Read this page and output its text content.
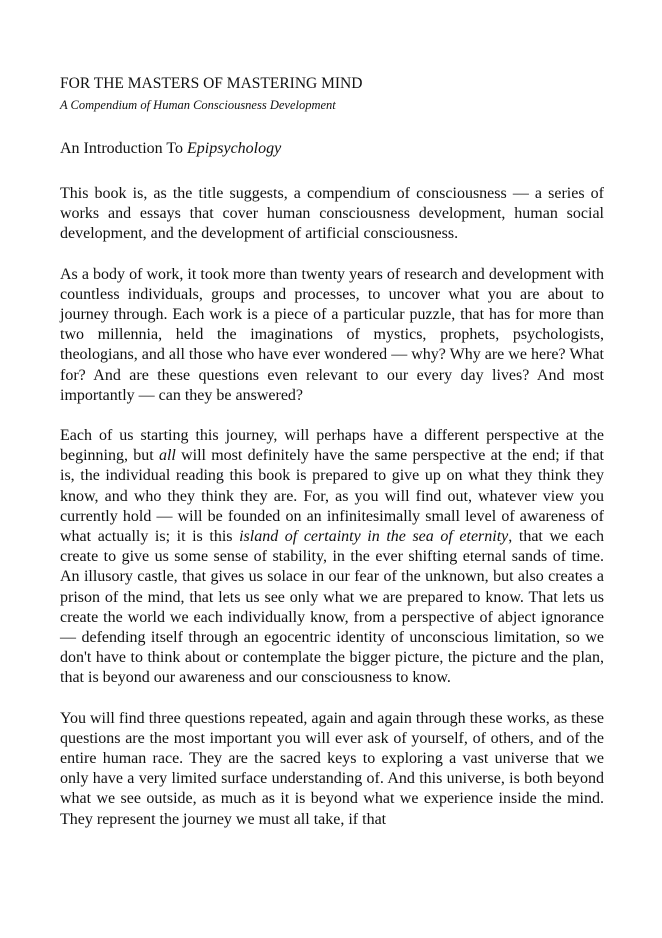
FOR THE MASTERS OF MASTERING MIND

A Compendium of Human Consciousness Development

An Introduction To Epipsychology

This book is, as the title suggests, a compendium of consciousness — a series of works and essays that cover human consciousness development, human social development, and the development of artificial consciousness.

As a body of work, it took more than twenty years of research and development with countless individuals, groups and processes, to uncover what you are about to journey through. Each work is a piece of a particular puzzle, that has for more than two millennia, held the imaginations of mystics, prophets, psychologists, theologians, and all those who have ever wondered — why? Why are we here? What for? And are these questions even relevant to our every day lives? And most importantly — can they be answered?

Each of us starting this journey, will perhaps have a different perspective at the beginning, but all will most definitely have the same perspective at the end; if that is, the individual reading this book is prepared to give up on what they think they know, and who they think they are. For, as you will find out, whatever view you currently hold — will be founded on an infinitesimally small level of awareness of what actually is; it is this island of certainty in the sea of eternity, that we each create to give us some sense of stability, in the ever shifting eternal sands of time. An illusory castle, that gives us solace in our fear of the unknown, but also creates a prison of the mind, that lets us see only what we are prepared to know. That lets us create the world we each individually know, from a perspective of abject ignorance — defending itself through an egocentric identity of unconscious limitation, so we don't have to think about or contemplate the bigger picture, the picture and the plan, that is beyond our awareness and our consciousness to know.

You will find three questions repeated, again and again through these works, as these questions are the most important you will ever ask of yourself, of others, and of the entire human race. They are the sacred keys to exploring a vast universe that we only have a very limited surface understanding of. And this universe, is both beyond what we see outside, as much as it is beyond what we experience inside the mind. They represent the journey we must all take, if that
